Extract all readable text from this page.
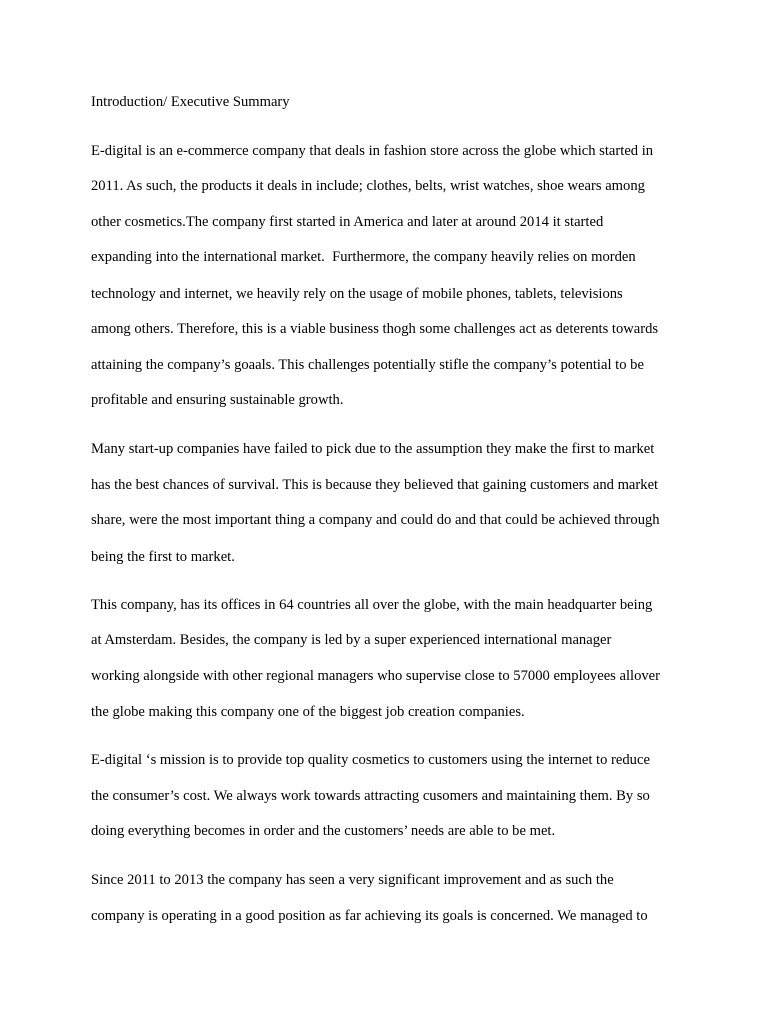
Introduction/ Executive Summary

E-digital is an e-commerce company that deals in fashion store across the globe which started in

2011. As such, the products it deals in include; clothes, belts, wrist watches, shoe wears among

other cosmetics.The company first started in America and later at around 2014 it started

expanding into the international market.  Furthermore, the company heavily relies on morden

technology and internet, we heavily rely on the usage of mobile phones, tablets, televisions

among others. Therefore, this is a viable business thogh some challenges act as deterents towards

attaining the company’s goaals. This challenges potentially stifle the company’s potential to be

profitable and ensuring sustainable growth.

Many start-up companies have failed to pick due to the assumption they make the first to market

has the best chances of survival. This is because they believed that gaining customers and market

share, were the most important thing a company and could do and that could be achieved through

being the first to market.

This company, has its offices in 64 countries all over the globe, with the main headquarter being

at Amsterdam. Besides, the company is led by a super experienced international manager

working alongside with other regional managers who supervise close to 57000 employees allover

the globe making this company one of the biggest job creation companies.

E-digital ‘s mission is to provide top quality cosmetics to customers using the internet to reduce

the consumer’s cost. We always work towards attracting cusomers and maintaining them. By so

doing everything becomes in order and the customers’ needs are able to be met.

Since 2011 to 2013 the company has seen a very significant improvement and as such the

company is operating in a good position as far achieving its goals is concerned. We managed to
